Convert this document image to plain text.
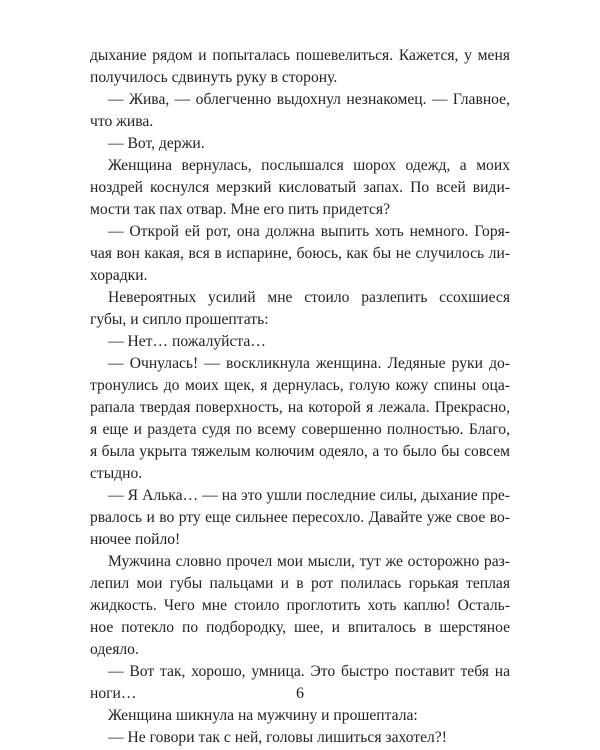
дыхание рядом и попыталась пошевелиться. Кажется, у меня
получилось сдвинуть руку в сторону.
— Жива, — облегченно выдохнул незнакомец. — Главное,
что жива.
— Вот, держи.
Женщина вернулась, послышался шорох одежд, а моих
ноздрей коснулся мерзкий кисловатый запах. По всей види-
мости так пах отвар. Мне его пить придется?
— Открой ей рот, она должна выпить хоть немного. Горя-
чая вон какая, вся в испарине, боюсь, как бы не случилось ли-
хорадки.
Невероятных усилий мне стоило разлепить ссохшиеся
губы, и сипло прошептать:
— Нет… пожалуйста…
— Очнулась! — воскликнула женщина. Ледяные руки до-
тронулись до моих щек, я дернулась, голую кожу спины оца-
рапала твердая поверхность, на которой я лежала. Прекрасно,
я еще и раздета судя по всему совершенно полностью. Благо,
я была укрыта тяжелым колючим одеяло, а то было бы совсем
стыдно.
— Я Алька… — на это ушли последние силы, дыхание пре-
рвалось и во рту еще сильнее пересохло. Давайте уже свое во-
нючее пойло!
Мужчина словно прочел мои мысли, тут же осторожно раз-
лепил мои губы пальцами и в рот полилась горькая теплая
жидкость. Чего мне стоило проглотить хоть каплю! Осталь-
ное потекло по подбородку, шее, и впиталось в шерстяное
одеяло.
— Вот так, хорошо, умница. Это быстро поставит тебя на
ноги…
Женщина шикнула на мужчину и прошептала:
— Не говори так с ней, головы лишиться захотел?!
6
